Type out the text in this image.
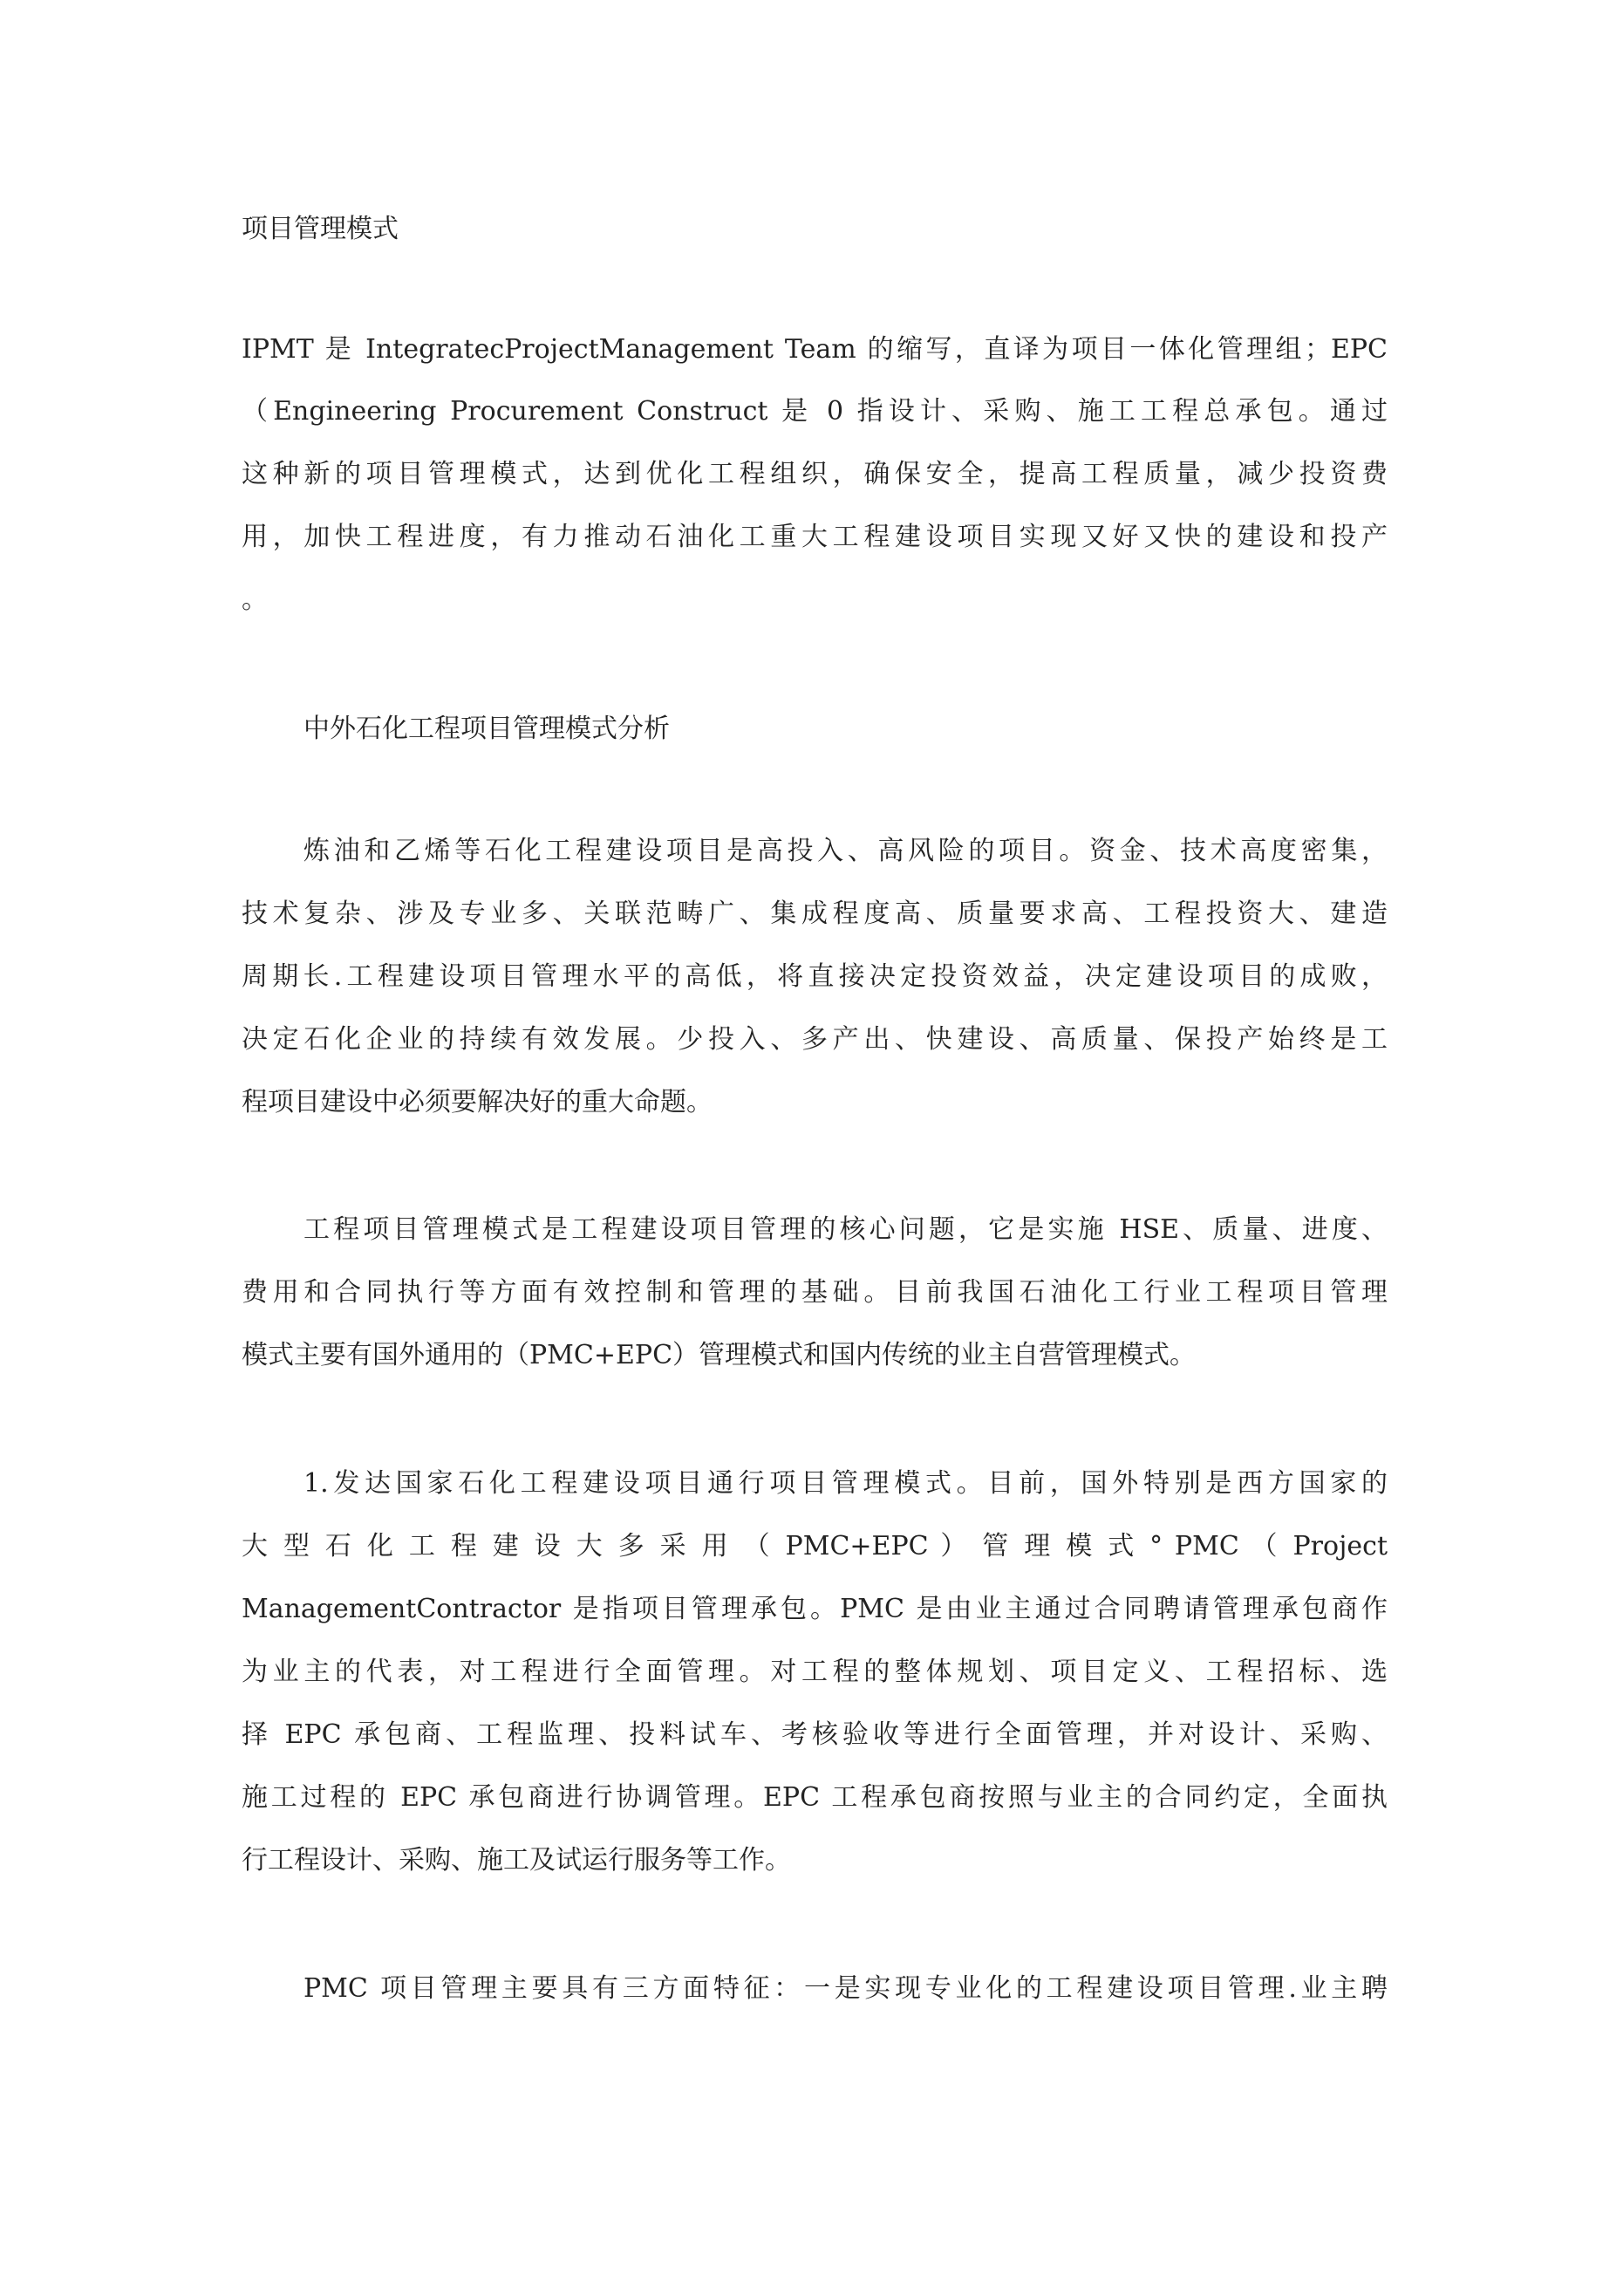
项目管理模式
IPMT 是 IntegratecProjectManagement Team 的缩写，直译为项目一体化管理组；EPC
（Engineering Procurement Construct 是 0 指设计、采购、施工工程总承包。通过
这种新的项目管理模式，达到优化工程组织，确保安全，提高工程质量，减少投资费
用，加快工程进度，有力推动石油化工重大工程建设项目实现又好又快的建设和投产
。
中外石化工程项目管理模式分析
炼油和乙烯等石化工程建设项目是高投入、高风险的项目。资金、技术高度密集，
技术复杂、涉及专业多、关联范畴广、集成程度高、质量要求高、工程投资大、建造
周期长.工程建设项目管理水平的高低，将直接决定投资效益，决定建设项目的成败，
决定石化企业的持续有效发展。少投入、多产出、快建设、高质量、保投产始终是工
程项目建设中必须要解决好的重大命题。
工程项目管理模式是工程建设项目管理的核心问题，它是实施 HSE、质量、进度、
费用和合同执行等方面有效控制和管理的基础。目前我国石油化工行业工程项目管理
模式主要有国外通用的（PMC+EPC）管理模式和国内传统的业主自营管理模式。
1.发达国家石化工程建设项目通行项目管理模式。目前，国外特别是西方国家的
大 型 石 化 工 程 建 设 大 多 采 用 （ PMC+EPC ） 管 理 模 式 ° PMC （ Project
ManagementContractor 是指项目管理承包。PMC 是由业主通过合同聘请管理承包商作
为业主的代表，对工程进行全面管理。对工程的整体规划、项目定义、工程招标、选
择 EPC 承包商、工程监理、投料试车、考核验收等进行全面管理，并对设计、采购、
施工过程的 EPC 承包商进行协调管理。EPC 工程承包商按照与业主的合同约定，全面执
行工程设计、采购、施工及试运行服务等工作。
PMC 项目管理主要具有三方面特征：一是实现专业化的工程建设项目管理.业主聘
